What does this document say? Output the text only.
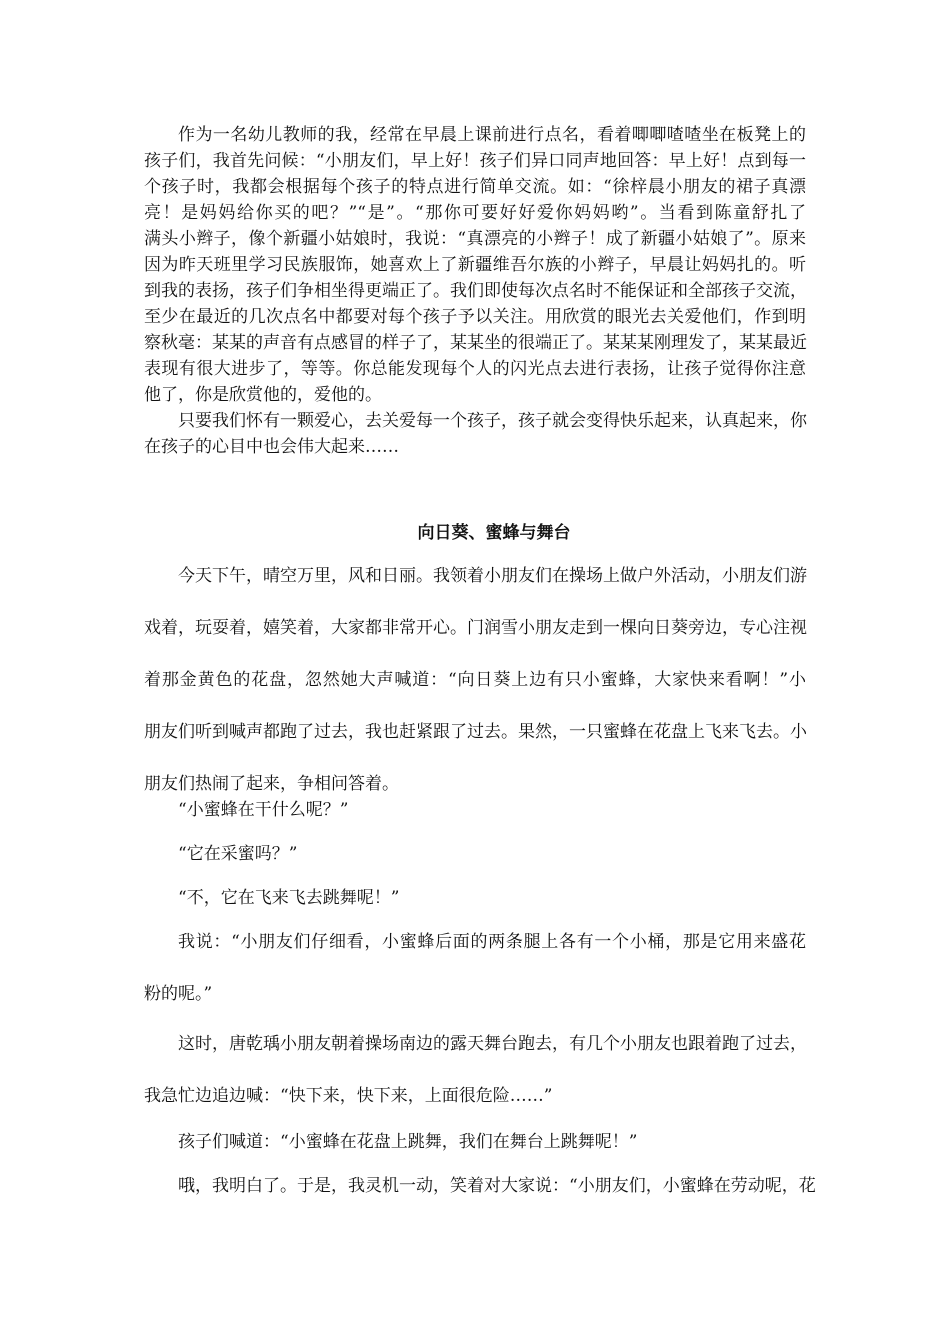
作为一名幼儿教师的我，经常在早晨上课前进行点名，看着唧唧喳喳坐在板凳上的
孩子们，我首先问候：“小朋友们，早上好！孩子们异口同声地回答：早上好！点到每一
个孩子时，我都会根据每个孩子的特点进行简单交流。如：“徐梓晨小朋友的裙子真漂
亮！是妈妈给你买的吧？”“是”。“那你可要好好爱你妈妈哟”。当看到陈童舒扎了
满头小辫子，像个新疆小姑娘时，我说：“真漂亮的小辫子！成了新疆小姑娘了”。原来
因为昨天班里学习民族服饰，她喜欢上了新疆维吾尔族的小辫子，早晨让妈妈扎的。听
到我的表扬，孩子们争相坐得更端正了。我们即使每次点名时不能保证和全部孩子交流，
至少在最近的几次点名中都要对每个孩子予以关注。用欣赏的眼光去关爱他们，作到明
察秋毫：某某的声音有点感冒的样子了，某某坐的很端正了。某某某刚理发了，某某最近
表现有很大进步了，等等。你总能发现每个人的闪光点去进行表扬，让孩子觉得你注意
他了，你是欣赏他的，爱他的。
只要我们怀有一颗爱心，去关爱每一个孩子，孩子就会变得快乐起来，认真起来，你
在孩子的心目中也会伟大起来……
向日葵、蜜蜂与舞台
今天下午，晴空万里，风和日丽。我领着小朋友们在操场上做户外活动，小朋友们游
戏着，玩耍着，嬉笑着，大家都非常开心。门润雪小朋友走到一棵向日葵旁边，专心注视
着那金黄色的花盘，忽然她大声喊道：“向日葵上边有只小蜜蜂，大家快来看啊！”小
朋友们听到喊声都跑了过去，我也赶紧跟了过去。果然，一只蜜蜂在花盘上飞来飞去。小
朋友们热闹了起来，争相问答着。
“小蜜蜂在干什么呢？”
“它在采蜜吗？”
“不，它在飞来飞去跳舞呢！”
我说：“小朋友们仔细看，小蜜蜂后面的两条腿上各有一个小桶，那是它用来盛花
粉的呢。”
这时，唐乾瑀小朋友朝着操场南边的露天舞台跑去，有几个小朋友也跟着跑了过去，
我急忙边追边喊：“快下来，快下来，上面很危险……”
孩子们喊道：“小蜜蜂在花盘上跳舞，我们在舞台上跳舞呢！”
哦，我明白了。于是，我灵机一动，笑着对大家说：“小朋友们，小蜜蜂在劳动呢，花
